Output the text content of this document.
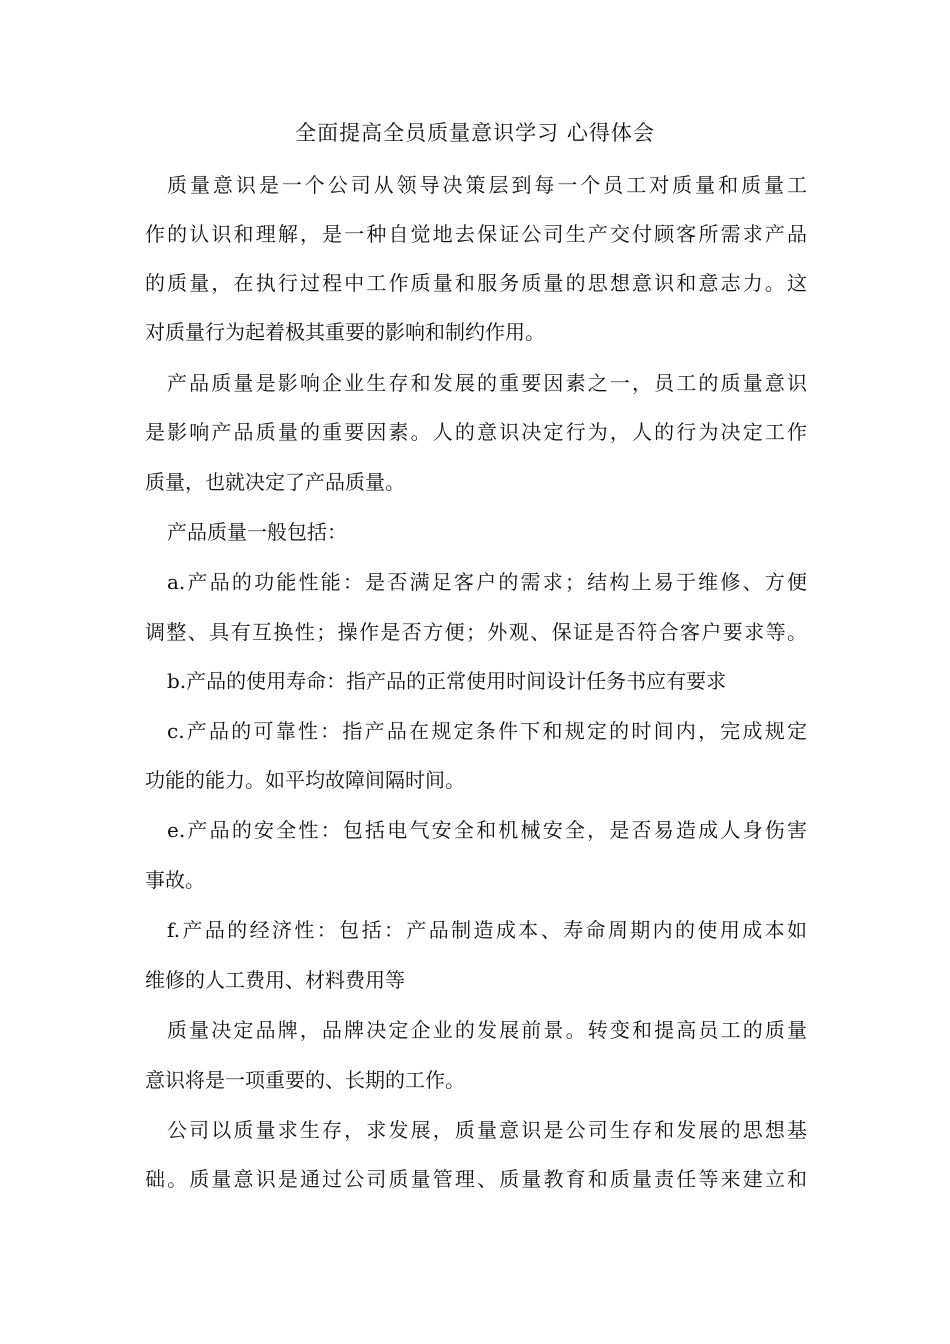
全面提高全员质量意识学习 心得体会
质量意识是一个公司从领导决策层到每一个员工对质量和质量工
作的认识和理解，是一种自觉地去保证公司生产交付顾客所需求产品
的质量，在执行过程中工作质量和服务质量的思想意识和意志力。这
对质量行为起着极其重要的影响和制约作用。
产品质量是影响企业生存和发展的重要因素之一，员工的质量意识
是影响产品质量的重要因素。人的意识决定行为，人的行为决定工作
质量，也就决定了产品质量。
产品质量一般包括：
a.产品的功能性能：是否满足客户的需求；结构上易于维修、方便
调整、具有互换性；操作是否方便；外观、保证是否符合客户要求等。
b.产品的使用寿命：指产品的正常使用时间设计任务书应有要求
c.产品的可靠性：指产品在规定条件下和规定的时间内，完成规定
功能的能力。如平均故障间隔时间。
e.产品的安全性：包括电气安全和机械安全，是否易造成人身伤害
事故。
f.产品的经济性：包括：产品制造成本、寿命周期内的使用成本如
维修的人工费用、材料费用等
质量决定品牌，品牌决定企业的发展前景。转变和提高员工的质量
意识将是一项重要的、长期的工作。
公司以质量求生存，求发展，质量意识是公司生存和发展的思想基
础。质量意识是通过公司质量管理、质量教育和质量责任等来建立和
